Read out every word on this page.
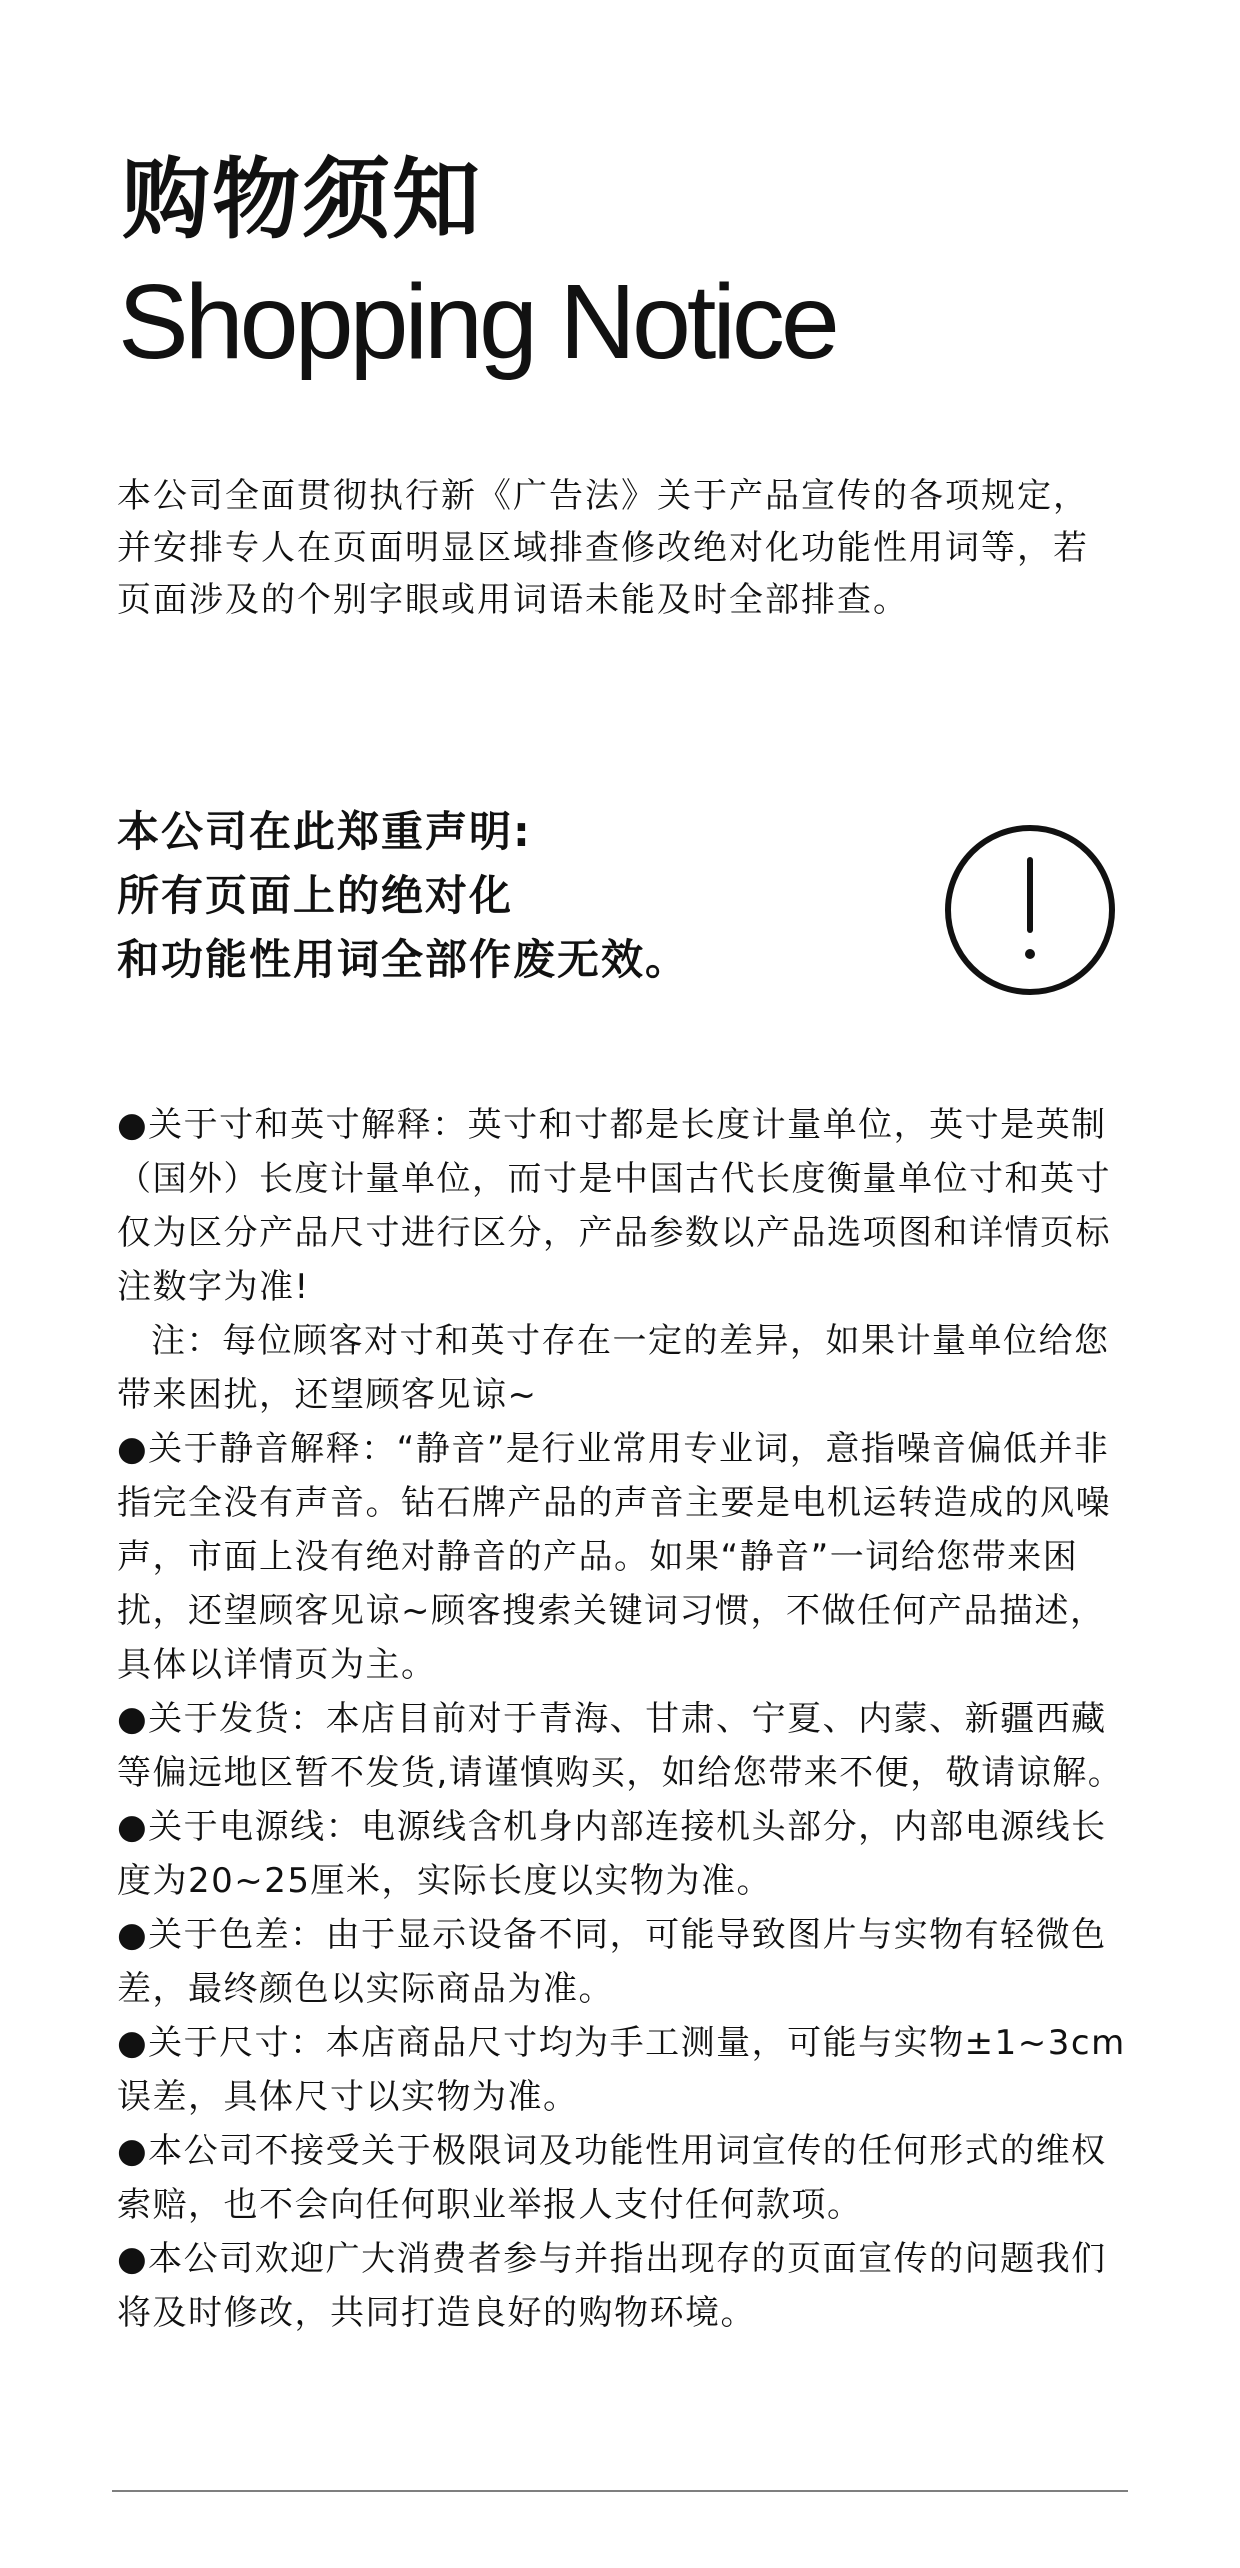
购物须知
Shopping Notice

本公司全面贯彻执行新《广告法》关于产品宣传的各项规定，并安排专人在页面明显区域排查修改绝对化功能性用词等，若页面涉及的个别字眼或用词语未能及时全部排查。

本公司在此郑重声明:
所有页面上的绝对化
和功能性用词全部作废无效。
●关于寸和英寸解释：英寸和寸都是长度计量单位，英寸是英制（国外）长度计量单位，而寸是中国古代长度衡量单位寸和英寸仅为区分产品尺寸进行区分，产品参数以产品选项图和详情页标注数字为准!
注：每位顾客对寸和英寸存在一定的差异，如果计量单位给您带来困扰，还望顾客见谅~
●关于静音解释：“静音”是行业常用专业词，意指噪音偏低并非指完全没有声音。钻石牌产品的声音主要是电机运转造成的风噪声，市面上没有绝对静音的产品。如果“静音”一词给您带来困扰，还望顾客见谅~顾客搜索关键词习惯，不做任何产品描述，具体以详情页为主。
●关于发货：本店目前对于青海、甘肃、宁夏、内蒙、新疆西藏等偏远地区暂不发货,请谨慎购买，如给您带来不便，敬请谅解。
●关于电源线：电源线含机身内部连接机头部分，内部电源线长度为20~25厘米，实际长度以实物为准。
●关于色差：由于显示设备不同，可能导致图片与实物有轻微色差，最终颜色以实际商品为准。
●关于尺寸：本店商品尺寸均为手工测量，可能与实物±1~3cm误差，具体尺寸以实物为准。
●本公司不接受关于极限词及功能性用词宣传的任何形式的维权索赔，也不会向任何职业举报人支付任何款项。
●本公司欢迎广大消费者参与并指出现存的页面宣传的问题我们将及时修改，共同打造良好的购物环境。
